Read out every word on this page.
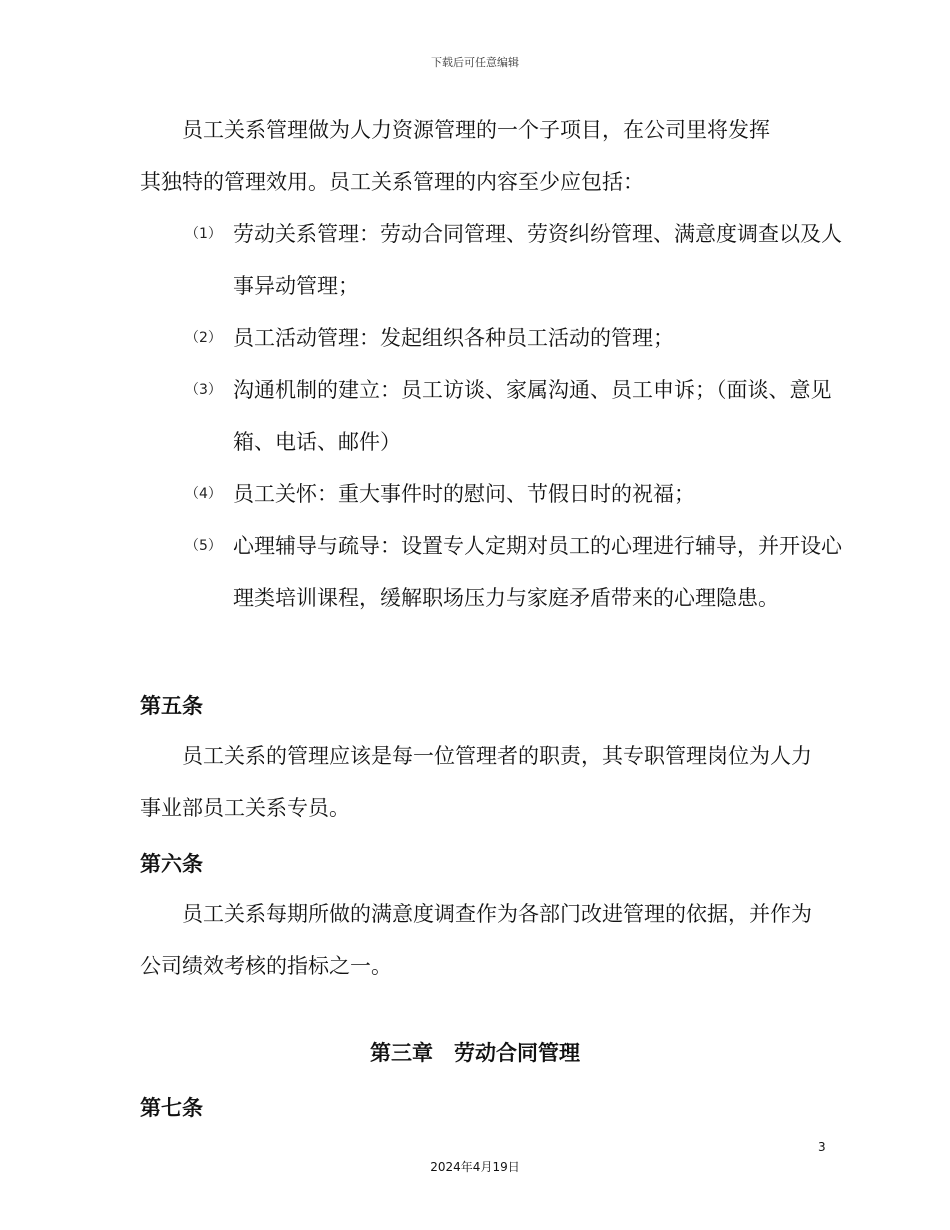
下载后可任意编辑
员工关系管理做为人力资源管理的一个子项目，在公司里将发挥
其独特的管理效用。员工关系管理的内容至少应包括：
（1） 劳动关系管理：劳动合同管理、劳资纠纷管理、满意度调查以及人事异动管理；
（2） 员工活动管理：发起组织各种员工活动的管理；
（3） 沟通机制的建立：员工访谈、家属沟通、员工申诉；（面谈、意见箱、电话、邮件）
（4） 员工关怀：重大事件时的慰问、节假日时的祝福；
（5） 心理辅导与疏导：设置专人定期对员工的心理进行辅导，并开设心理类培训课程，缓解职场压力与家庭矛盾带来的心理隐患。
第五条
员工关系的管理应该是每一位管理者的职责，其专职管理岗位为人力事业部员工关系专员。
第六条
员工关系每期所做的满意度调查作为各部门改进管理的依据，并作为公司绩效考核的指标之一。
第三章　劳动合同管理
第七条
3
2024年4月19日
